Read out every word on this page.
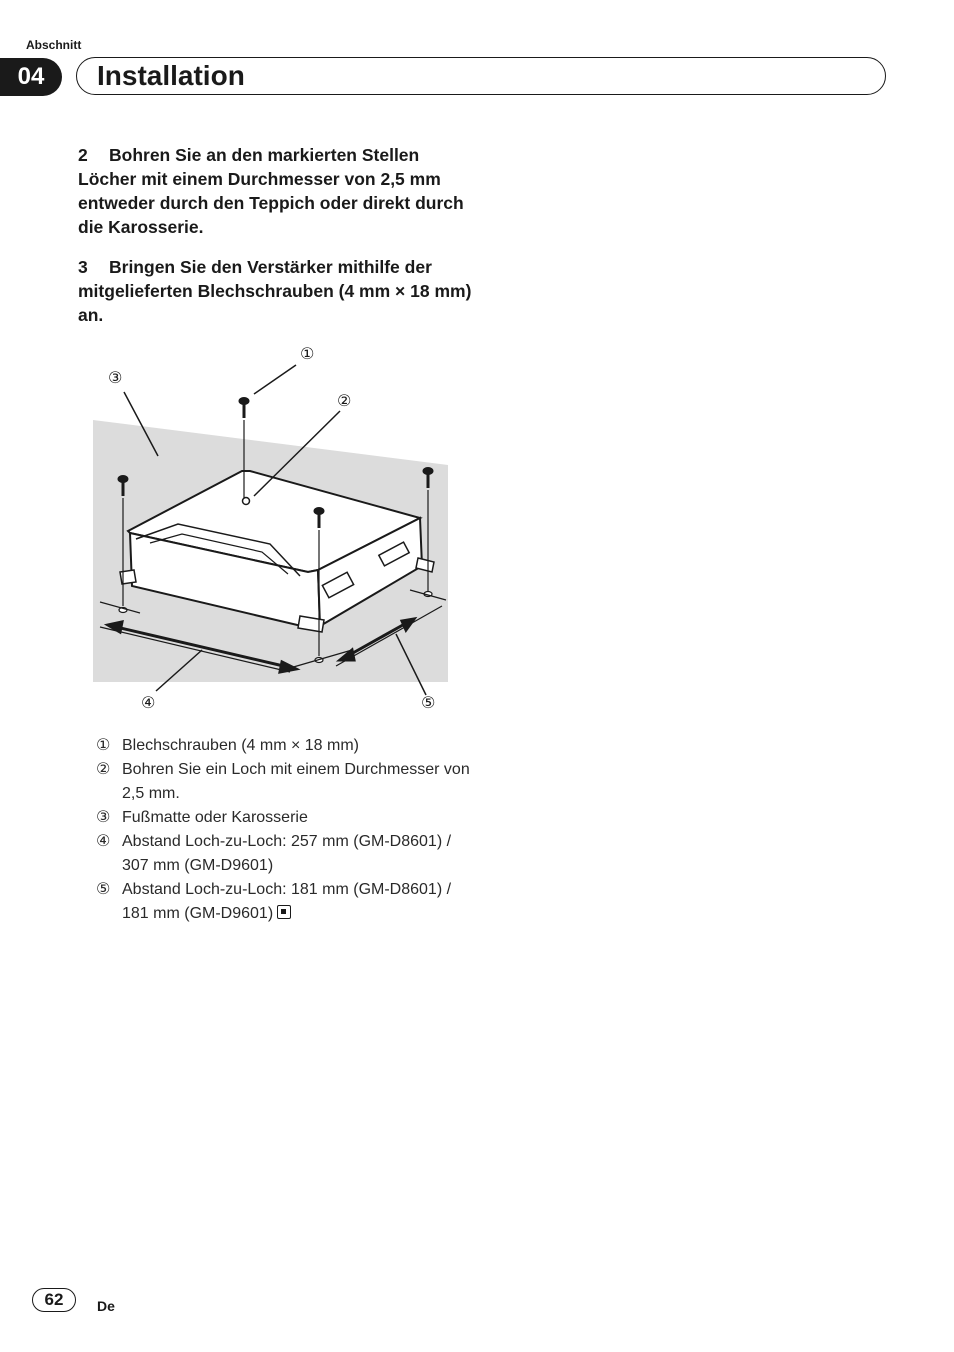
Abschnitt
04	Installation
2 Bohren Sie an den markierten Stellen Löcher mit einem Durchmesser von 2,5 mm entweder durch den Teppich oder direkt durch die Karosserie.
3 Bringen Sie den Verstärker mithilfe der mitgelieferten Blechschrauben (4 mm × 18 mm) an.
①
②
③
④	⑤
① Blechschrauben (4 mm × 18 mm)
② Bohren Sie ein Loch mit einem Durchmesser von 2,5 mm.
③ Fußmatte oder Karosserie
④ Abstand Loch-zu-Loch: 257 mm (GM-D8601) / 307 mm (GM-D9601)
⑤ Abstand Loch-zu-Loch: 181 mm (GM-D8601) / 181 mm (GM-D9601)
62	De
